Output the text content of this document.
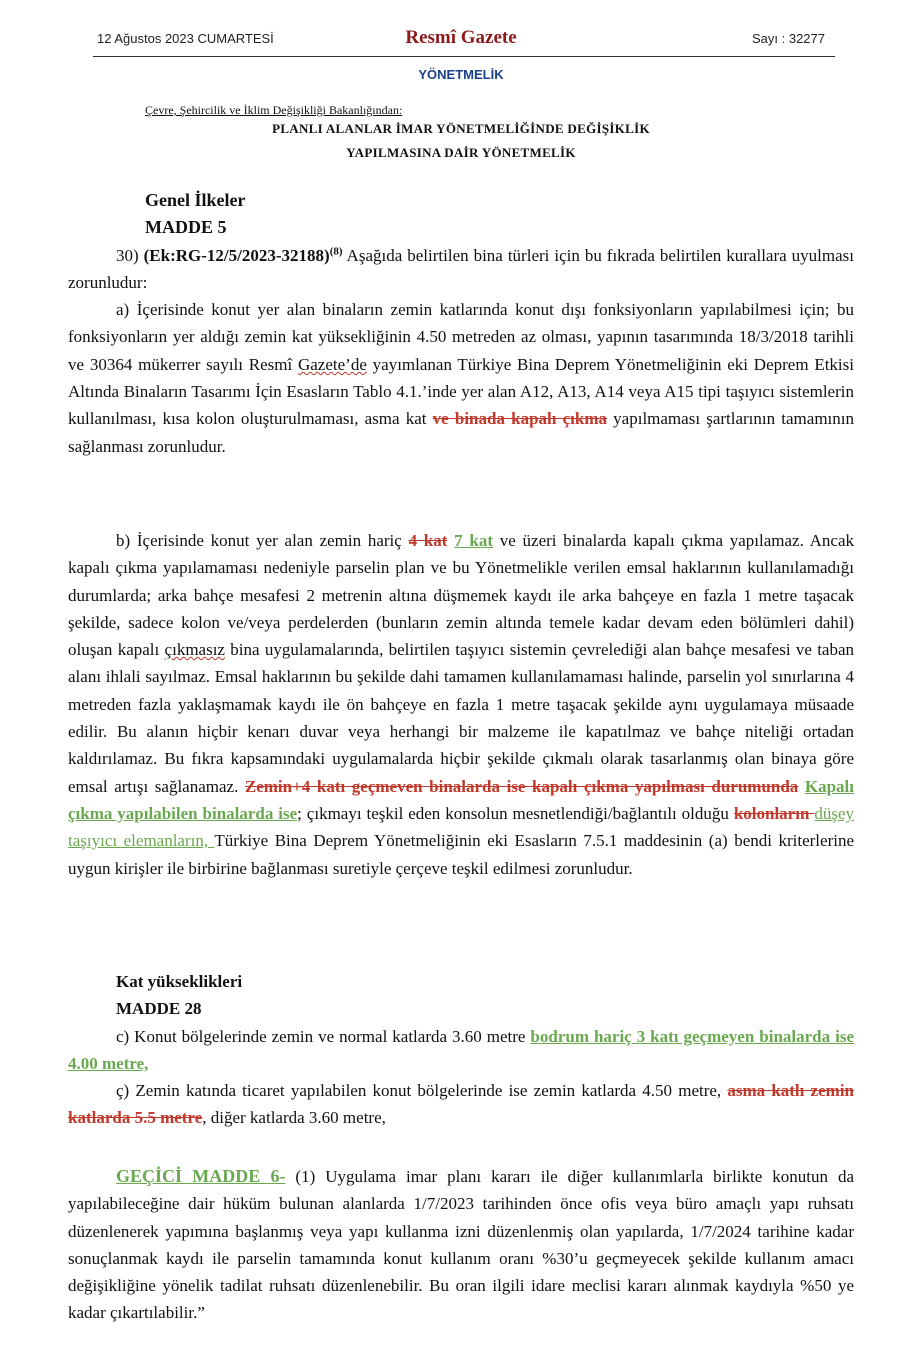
12 Ağustos 2023 CUMARTESİ	Resmî Gazete	Sayı : 32277
YÖNETMELİK
Çevre, Şehircilik ve İklim Değişikliği Bakanlığından:
PLANLI ALANLAR İMAR YÖNETMELİĞİNDE DEĞİŞİKLİK
YAPILMASINA DAİR YÖNETMELİK
Genel İlkeler
MADDE 5
30) (Ek:RG-12/5/2023-32188)$^{(8)}$ Aşağıda belirtilen bina türleri için bu fıkrada belirtilen kurallara uyulması zorunludur:
a) İçerisinde konut yer alan binaların zemin katlarında konut dışı fonksiyonların yapılabilmesi için; bu fonksiyonların yer aldığı zemin kat yüksekliğinin 4.50 metreden az olması, yapının tasarımında 18/3/2018 tarihli ve 30364 mükerrer sayılı Resmî Gazete’de yayımlanan Türkiye Bina Deprem Yönetmeliğinin eki Deprem Etkisi Altında Binaların Tasarımı İçin Esasların Tablo 4.1.’inde yer alan A12, A13, A14 veya A15 tipi taşıyıcı sistemlerin kullanılması, kısa kolon oluşturulmaması, asma kat ve binada kapalı çıkma yapılmaması şartlarının tamamının sağlanması zorunludur.
b) İçerisinde konut yer alan zemin hariç 4 kat 7 kat ve üzeri binalarda kapalı çıkma yapılamaz. Ancak kapalı çıkma yapılamaması nedeniyle parselin plan ve bu Yönetmelikle verilen emsal haklarının kullanılamadığı durumlarda; arka bahçe mesafesi 2 metrenin altına düşmemek kaydı ile arka bahçeye en fazla 1 metre taşacak şekilde, sadece kolon ve/veya perdelerden (bunların zemin altında temele kadar devam eden bölümleri dahil) oluşan kapalı çıkmasız bina uygulamalarında, belirtilen taşıyıcı sistemin çevrelediği alan bahçe mesafesi ve taban alanı ihlali sayılmaz. Emsal haklarının bu şekilde dahi tamamen kullanılamaması halinde, parselin yol sınırlarına 4 metreden fazla yaklaşmamak kaydı ile ön bahçeye en fazla 1 metre taşacak şekilde aynı uygulamaya müsaade edilir. Bu alanın hiçbir kenarı duvar veya herhangi bir malzeme ile kapatılmaz ve bahçe niteliği ortadan kaldırılamaz. Bu fıkra kapsamındaki uygulamalarda hiçbir şekilde çıkmalı olarak tasarlanmış olan binaya göre emsal artışı sağlanamaz. Zemin+4 katı geçmeven binalarda ise kapalı çıkma yapılması durumunda Kapalı çıkma yapılabilen binalarda ise; çıkmayı teşkil eden konsolun mesnetlendiği/bağlantılı olduğu kolonların düşey taşıyıcı elemanların, Türkiye Bina Deprem Yönetmeliğinin eki Esasların 7.5.1 maddesinin (a) bendi kriterlerine uygun kirişler ile birbirine bağlanması suretiyle çerçeve teşkil edilmesi zorunludur.
Kat yükseklikleri
MADDE 28
c) Konut bölgelerinde zemin ve normal katlarda 3.60 metre bodrum hariç 3 katı geçmeyen binalarda ise 4.00 metre,
ç) Zemin katında ticaret yapılabilen konut bölgelerinde ise zemin katlarda 4.50 metre, asma katlı zemin katlarda 5.5 metre, diğer katlarda 3.60 metre,
GEÇİCİ MADDE 6- (1) Uygulama imar planı kararı ile diğer kullanımlarla birlikte konutun da yapılabileceğine dair hüküm bulunan alanlarda 1/7/2023 tarihinden önce ofis veya büro amaçlı yapı ruhsatı düzenlenerek yapımına başlanmış veya yapı kullanma izni düzenlenmiş olan yapılarda, 1/7/2024 tarihine kadar sonuçlanmak kaydı ile parselin tamamında konut kullanım oranı %30’u geçmeyecek şekilde kullanım amacı değişikliğine yönelik tadilat ruhsatı düzenlenebilir. Bu oran ilgili idare meclisi kararı alınmak kaydıyla %50 ye kadar çıkartılabilir.”
